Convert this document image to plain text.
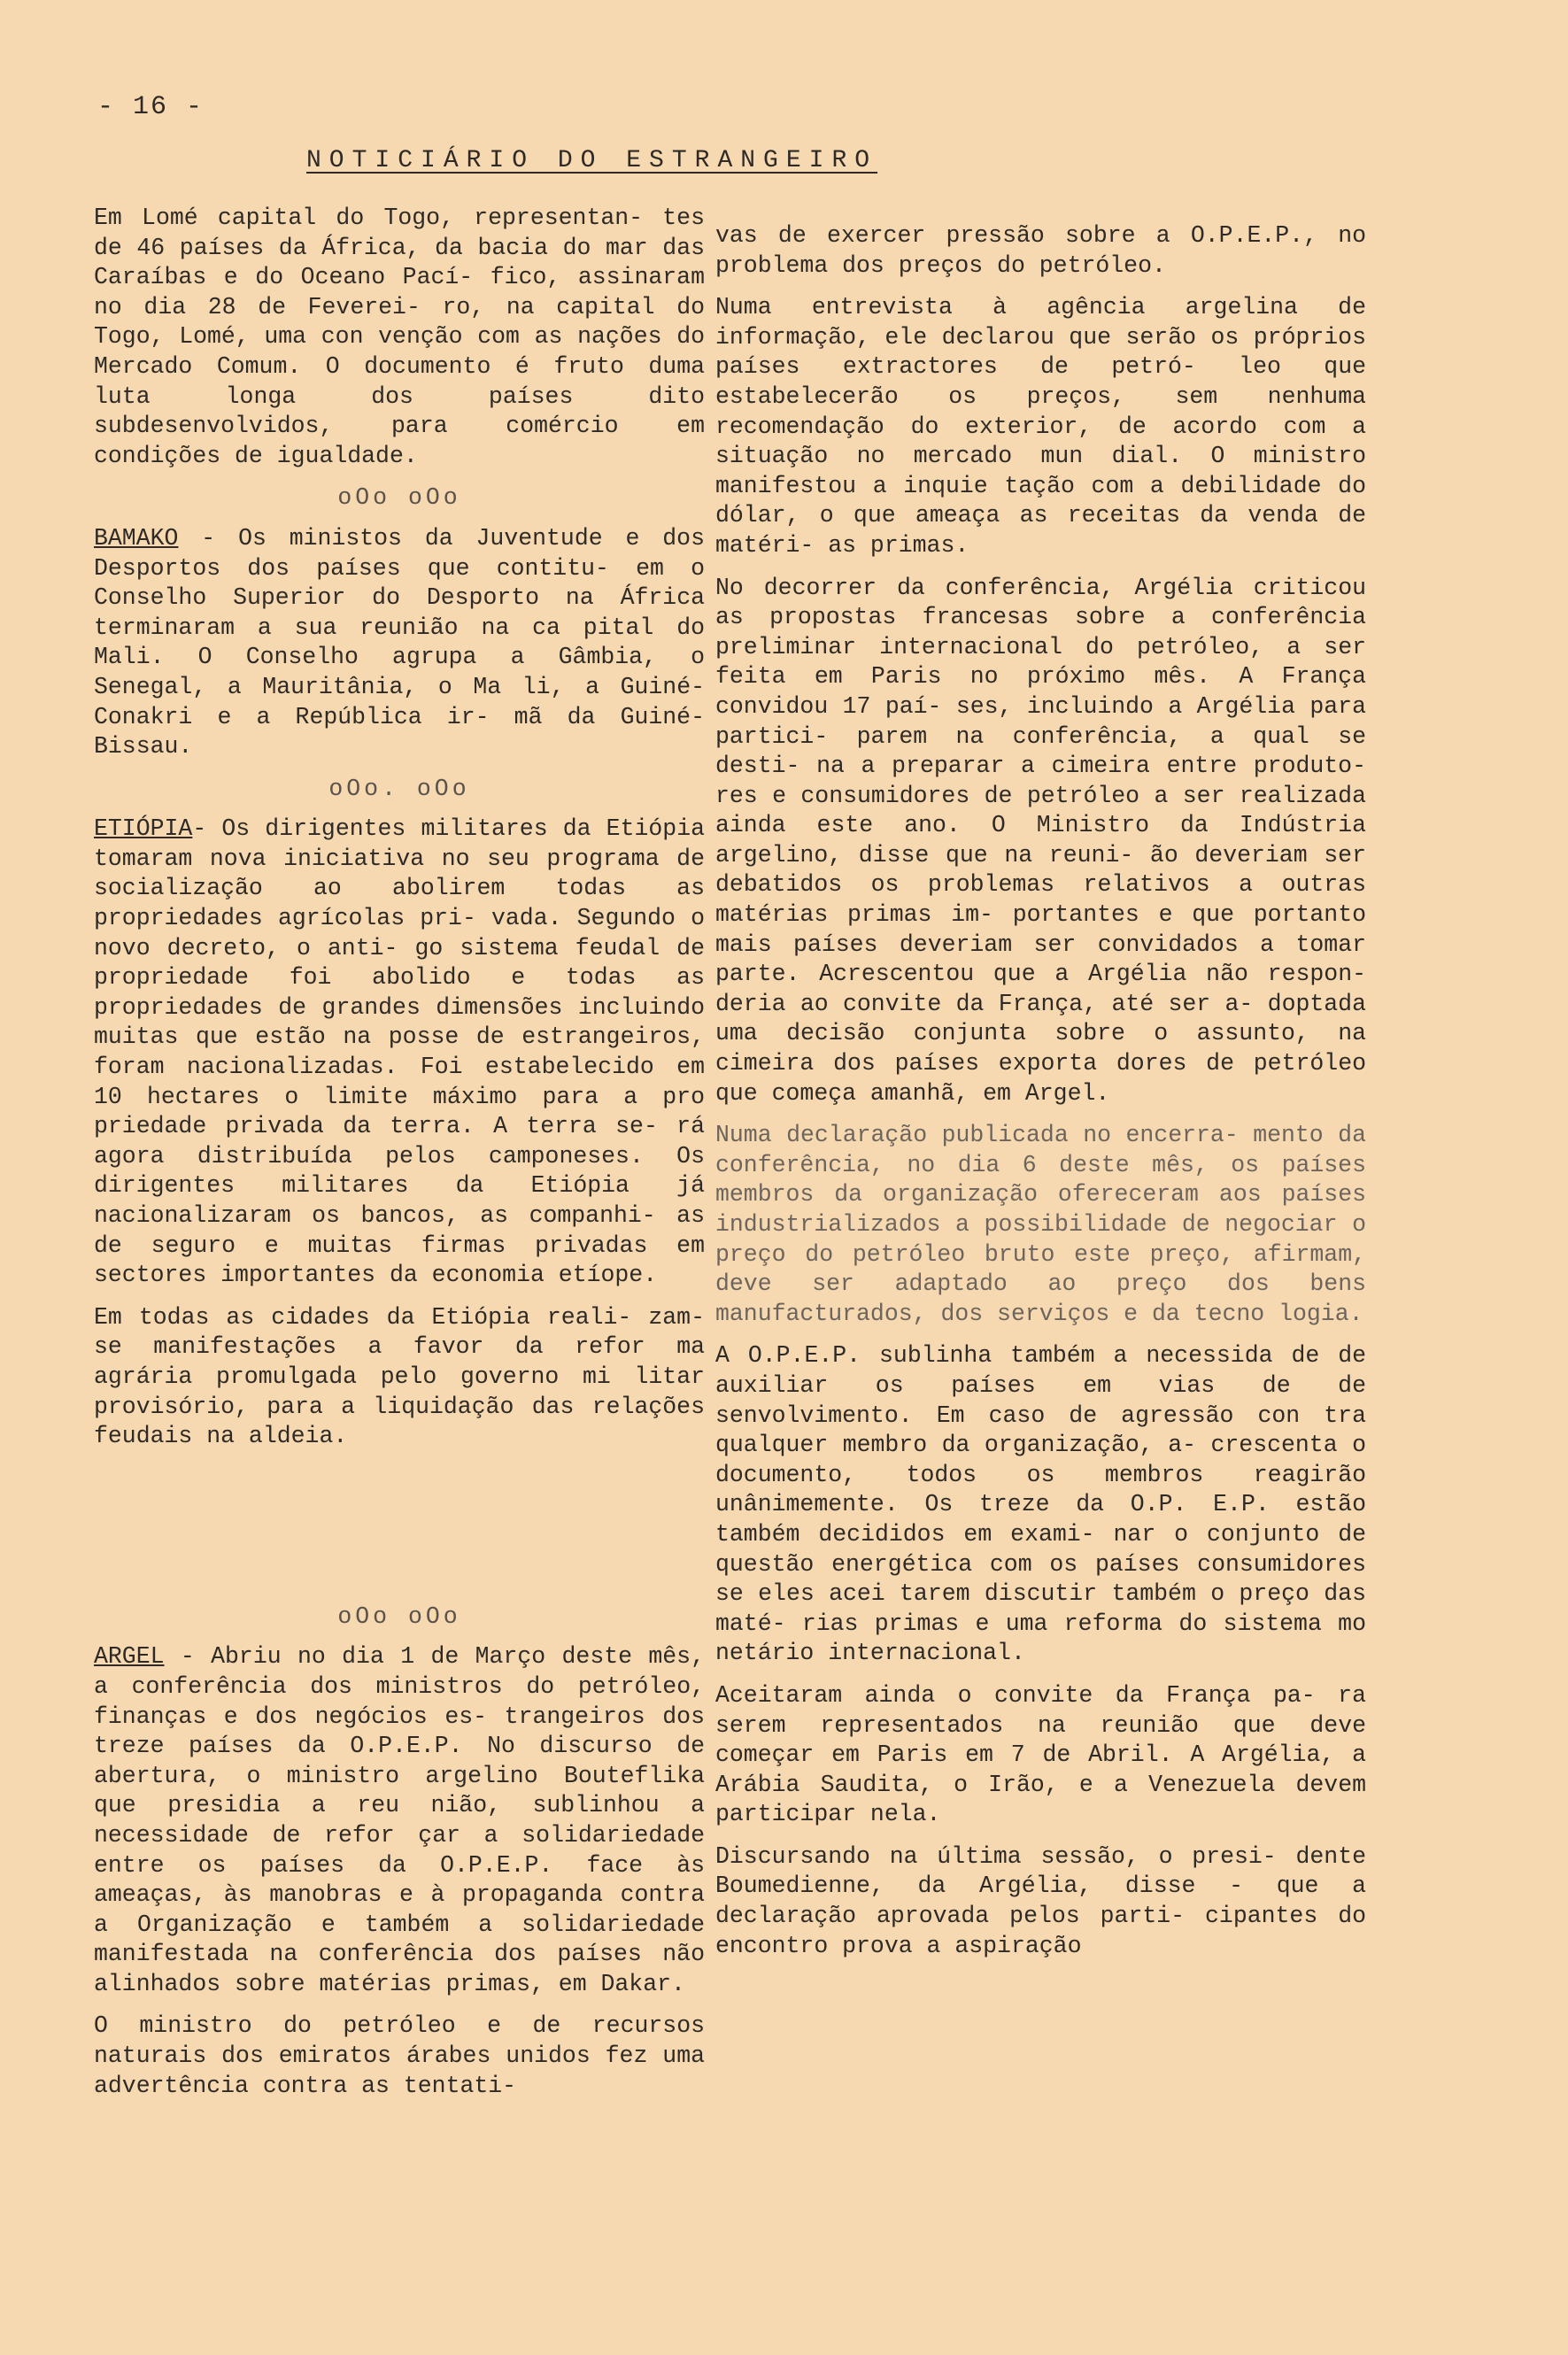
- 16 -
NOTICIÁRIO DO ESTRANGEIRO

Em Lomé capital do Togo, representan- tes de 46 países da África, da bacia do mar das Caraíbas e do Oceano Pací- fico, assinaram no dia 28 de Feverei- ro, na capital do Togo, Lomé, uma con venção com as nações do Mercado Comum. O documento é fruto duma luta longa dos países dito subdesenvolvidos, para comércio em condições de igualdade.

oOo oOo

BAMAKO - Os ministos da Juventude e dos Desportos dos países que contitu- em o Conselho Superior do Desporto na África terminaram a sua reunião na ca pital do Mali. O Conselho agrupa a Gâmbia, o Senegal, a Mauritânia, o Ma li, a Guiné-Conakri e a República ir- mã da Guiné-Bissau.

oOo. oOo

ETIÓPIA- Os dirigentes militares da Etiópia tomaram nova iniciativa no seu programa de socialização ao abolirem todas as propriedades agrícolas pri- vada. Segundo o novo decreto, o anti- go sistema feudal de propriedade foi abolido e todas as propriedades de grandes dimensões incluindo muitas que estão na posse de estrangeiros, foram nacionalizadas. Foi estabelecido em 10 hectares o limite máximo para a pro priedade privada da terra. A terra se- rá agora distribuída pelos camponeses. Os dirigentes militares da Etiópia já nacionalizaram os bancos, as companhi- as de seguro e muitas firmas privadas em sectores importantes da economia etíope.

Em todas as cidades da Etiópia reali- zam-se manifestações a favor da refor ma agrária promulgada pelo governo mi litar provisório, para a liquidação das relações feudais na aldeia.

oOo oOo

ARGEL - Abriu no dia 1 de Março deste mês, a conferência dos ministros do petróleo, finanças e dos negócios es- trangeiros dos treze países da O.P.E.P. No discurso de abertura, o ministro argelino Bouteflika que presidia a reu nião, sublinhou a necessidade de refor çar a solidariedade entre os países da O.P.E.P. face às ameaças, às manobras e à propaganda contra a Organização e também a solidariedade manifestada na conferência dos países não alinhados sobre matérias primas, em Dakar.

O ministro do petróleo e de recursos naturais dos emiratos árabes unidos fez uma advertência contra as tentati-

vas de exercer pressão sobre a O.P.E.P., no problema dos preços do petróleo.

Numa entrevista à agência argelina de informação, ele declarou que serão os próprios países extractores de petró- leo que estabelecerão os preços, sem nenhuma recomendação do exterior, de acordo com a situação no mercado mun dial. O ministro manifestou a inquie tação com a debilidade do dólar, o que ameaça as receitas da venda de matéri- as primas.

No decorrer da conferência, Argélia criticou as propostas francesas sobre a conferência preliminar internacional do petróleo, a ser feita em Paris no próximo mês. A França convidou 17 paí- ses, incluindo a Argélia para partici- parem na conferência, a qual se desti- na a preparar a cimeira entre produto- res e consumidores de petróleo a ser realizada ainda este ano. O Ministro da Indústria argelino, disse que na reuni- ão deveriam ser debatidos os problemas relativos a outras matérias primas im- portantes e que portanto mais países deveriam ser convidados a tomar parte. Acrescentou que a Argélia não respon- deria ao convite da França, até ser a- doptada uma decisão conjunta sobre o assunto, na cimeira dos países exporta dores de petróleo que começa amanhã, em Argel.

Numa declaração publicada no encerra- mento da conferência, no dia 6 deste mês, os países membros da organização ofereceram aos países industrializados a possibilidade de negociar o preço do petróleo bruto este preço, afirmam, deve ser adaptado ao preço dos bens manufacturados, dos serviços e da tecno logia.

A O.P.E.P. sublinha também a necessida de de auxiliar os países em vias de de senvolvimento. Em caso de agressão con tra qualquer membro da organização, a- crescenta o documento, todos os membros reagirão unânimemente. Os treze da O.P. E.P. estão também decididos em exami- nar o conjunto de questão energética com os países consumidores se eles acei tarem discutir também o preço das maté- rias primas e uma reforma do sistema mo netário internacional.

Aceitaram ainda o convite da França pa- ra serem representados na reunião que deve começar em Paris em 7 de Abril. A Argélia, a Arábia Saudita, o Irão, e a Venezuela devem participar nela.

Discursando na última sessão, o presi- dente Boumedienne, da Argélia, disse - que a declaração aprovada pelos parti- cipantes do encontro prova a aspiração
